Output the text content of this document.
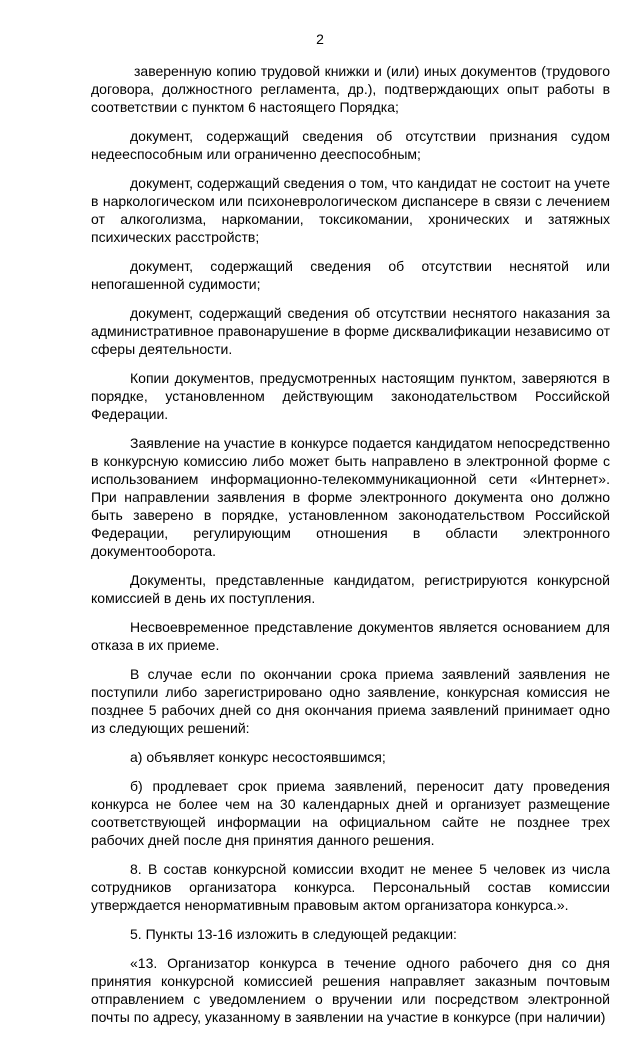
2

заверенную копию трудовой книжки и (или) иных документов (трудового договора, должностного регламента, др.), подтверждающих опыт работы в соответствии с пунктом 6 настоящего Порядка;

документ, содержащий сведения об отсутствии признания судом недееспособным или ограниченно дееспособным;

документ, содержащий сведения о том, что кандидат не состоит на учете в наркологическом или психоневрологическом диспансере в связи с лечением от алкоголизма, наркомании, токсикомании, хронических и затяжных психических расстройств;

документ, содержащий сведения об отсутствии неснятой или непогашенной судимости;

документ, содержащий сведения об отсутствии неснятого наказания за административное правонарушение в форме дисквалификации независимо от сферы деятельности.

Копии документов, предусмотренных настоящим пунктом, заверяются в порядке, установленном действующим законодательством Российской Федерации.

Заявление на участие в конкурсе подается кандидатом непосредственно в конкурсную комиссию либо может быть направлено в электронной форме с использованием информационно-телекоммуникационной сети «Интернет». При направлении заявления в форме электронного документа оно должно быть заверено в порядке, установленном законодательством Российской Федерации, регулирующим отношения в области электронного документооборота.

Документы, представленные кандидатом, регистрируются конкурсной комиссией в день их поступления.

Несвоевременное представление документов является основанием для отказа в их приеме.

В случае если по окончании срока приема заявлений заявления не поступили либо зарегистрировано одно заявление, конкурсная комиссия не позднее 5 рабочих дней со дня окончания приема заявлений принимает одно из следующих решений:

а) объявляет конкурс несостоявшимся;

б) продлевает срок приема заявлений, переносит дату проведения конкурса не более чем на 30 календарных дней и организует размещение соответствующей информации на официальном сайте не позднее трех рабочих дней после дня принятия данного решения.

8. В состав конкурсной комиссии входит не менее 5 человек из числа сотрудников организатора конкурса. Персональный состав комиссии утверждается ненормативным правовым актом организатора конкурса.».

5. Пункты 13-16 изложить в следующей редакции:

«13. Организатор конкурса в течение одного рабочего дня со дня принятия конкурсной комиссией решения направляет заказным почтовым отправлением с уведомлением о вручении или посредством электронной почты по адресу, указанному в заявлении на участие в конкурсе (при наличии)
